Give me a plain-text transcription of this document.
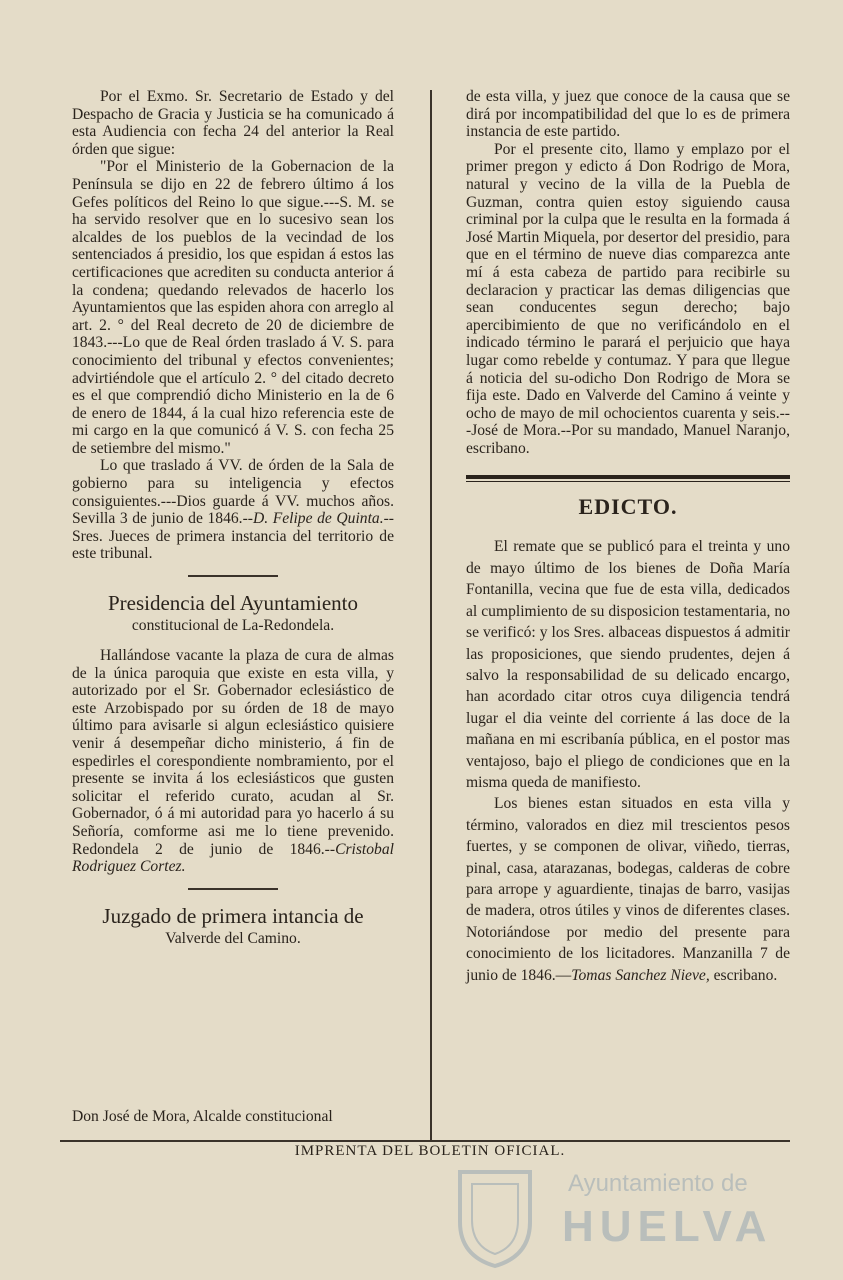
Por el Exmo. Sr. Secretario de Estado y del Despacho de Gracia y Justicia se ha comunicado á esta Audiencia con fecha 24 del anterior la Real órden que sigue:

"Por el Ministerio de la Gobernacion de la Península se dijo en 22 de febrero último á los Gefes políticos del Reino lo que sigue.---S. M. se ha servido resolver que en lo sucesivo sean los alcaldes de los pueblos de la vecindad de los sentenciados á presidio, los que espidan á estos las certificaciones que acrediten su conducta anterior á la condena; quedando relevados de hacerlo los Ayuntamientos que las espiden ahora con arreglo al art. 2. ° del Real decreto de 20 de diciembre de 1843.---Lo que de Real órden traslado á V. S. para conocimiento del tribunal y efectos convenientes; advirtiéndole que el artículo 2. ° del citado decreto es el que comprendió dicho Ministerio en la de 6 de enero de 1844, á la cual hizo referencia este de mi cargo en la que comunicó á V. S. con fecha 25 de setiembre del mismo."

Lo que traslado á VV. de órden de la Sala de gobierno para su inteligencia y efectos consiguientes.---Dios guarde á VV. muchos años. Sevilla 3 de junio de 1846.--D. Felipe de Quinta.--Sres. Jueces de primera instancia del territorio de este tribunal.

Presidencia del Ayuntamiento
constitucional de La-Redondela.

Hallándose vacante la plaza de cura de almas de la única paroquia que existe en esta villa, y autorizado por el Sr. Gobernador eclesiástico de este Arzobispado por su órden de 18 de mayo último para avisarle si algun eclesiástico quisiere venir á desempeñar dicho ministerio, á fin de espedirles el corespondiente nombramiento, por el presente se invita á los eclesiásticos que gusten solicitar el referido curato, acudan al Sr. Gobernador, ó á mi autoridad para yo hacerlo á su Señoría, comforme asi me lo tiene prevenido. Redondela 2 de junio de 1846.--Cristobal Rodriguez Cortez.

Juzgado de primera intancia de
Valverde del Camino.

Don José de Mora, Alcalde constitucional

de esta villa, y juez que conoce de la causa que se dirá por incompatibilidad del que lo es de primera instancia de este partido.

Por el presente cito, llamo y emplazo por el primer pregon y edicto á Don Rodrigo de Mora, natural y vecino de la villa de la Puebla de Guzman, contra quien estoy siguiendo causa criminal por la culpa que le resulta en la formada á José Martin Miquela, por desertor del presidio, para que en el término de nueve dias comparezca ante mí á esta cabeza de partido para recibirle su declaracion y practicar las demas diligencias que sean conducentes segun derecho; bajo apercibimiento de que no verificándolo en el indicado término le parará el perjuicio que haya lugar como rebelde y contumaz. Y para que llegue á noticia del su-odicho Don Rodrigo de Mora se fija este. Dado en Valverde del Camino á veinte y ocho de mayo de mil ochocientos cuarenta y seis.---José de Mora.--Por su mandado, Manuel Naranjo, escribano.

EDICTO.

El remate que se publicó para el treinta y uno de mayo último de los bienes de Doña María Fontanilla, vecina que fue de esta villa, dedicados al cumplimiento de su disposicion testamentaria, no se verificó: y los Sres. albaceas dispuestos á admitir las proposiciones, que siendo prudentes, dejen á salvo la responsabilidad de su delicado encargo, han acordado citar otros cuya diligencia tendrá lugar el dia veinte del corriente á las doce de la mañana en mi escribanía pública, en el postor mas ventajoso, bajo el pliego de condiciones que en la misma queda de manifiesto.

Los bienes estan situados en esta villa y término, valorados en diez mil trescientos pesos fuertes, y se componen de olivar, viñedo, tierras, pinal, casa, atarazanas, bodegas, calderas de cobre para arrope y aguardiente, tinajas de barro, vasijas de madera, otros útiles y vinos de diferentes clases. Notoriándose por medio del presente para conocimiento de los licitadores. Manzanilla 7 de junio de 1846.—Tomas Sanchez Nieve, escribano.

IMPRENTA DEL BOLETIN OFICIAL.
Ayuntamiento de
HUELVA
